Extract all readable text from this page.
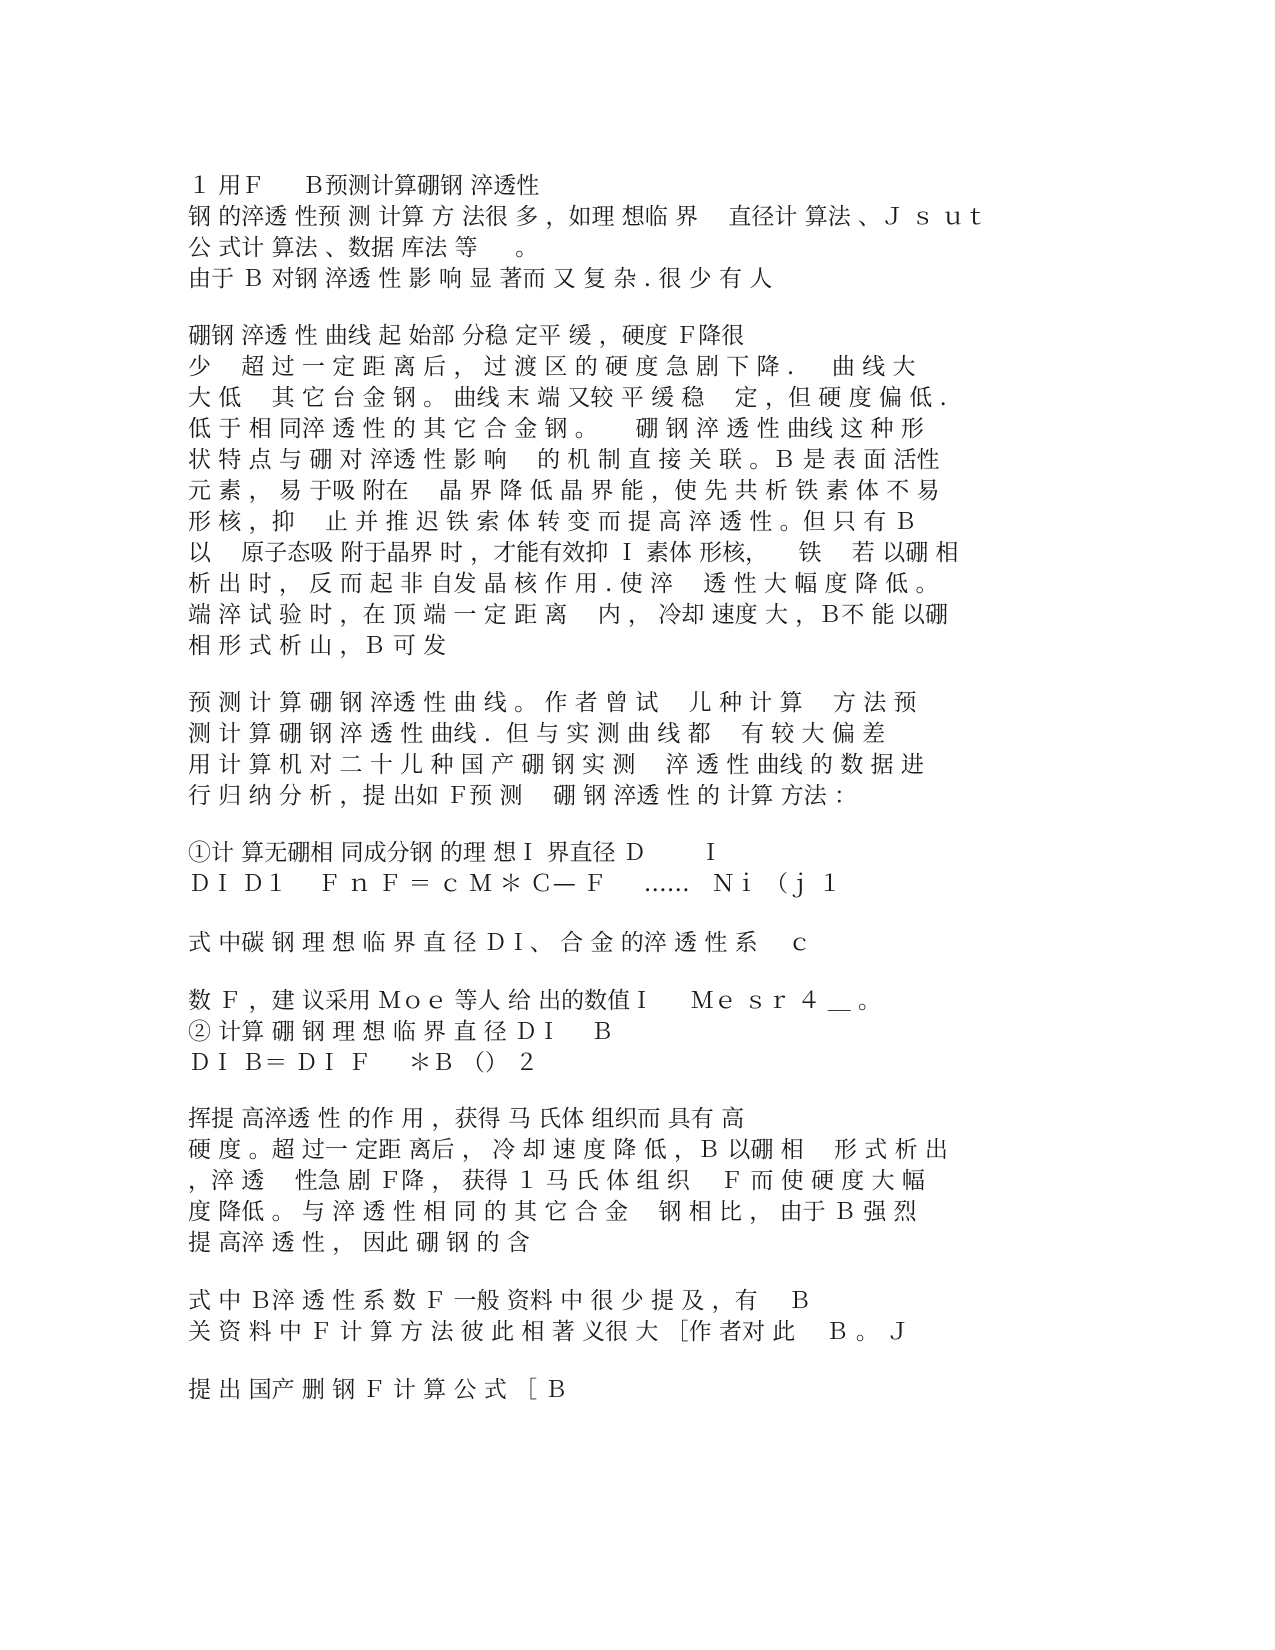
１ 用Ｆ 　 Ｂ预测计算硼钢 淬透性
钢 的淬透 性预 测 计算 方 法很 多 ，如理 想临 界 　直径计 算法 、Ｊ ｓ ｕｔ
公 式计 算法 、数据 库法 等 　 。
由于 Ｂ 对钢 淬透 性 影 响 显 著而 又 复 杂 . 很 少 有 人
硼钢 淬透 性 曲线 起 始部 分稳 定平 缓 ，硬度 Ｆ降很
少 　超 过 一 定 距 离 后 ， 过 渡 区 的 硬 度 急 剧 下 降 . 　 曲 线 大
大 低 　其 它 台 金 钢 。 曲线 末 端 又较 平 缓 稳 　定 ，但 硬 度 偏 低 .
低 于 相 同淬 透 性 的 其 它 合 金 钢 。 　 硼 钢 淬 透 性 曲线 这 种 形
状 特 点 与 硼 对 淬透 性 影 响 　的 机 制 直 接 关 联 。Ｂ 是 表 面 活性
元 素 ， 易 于吸 附在 　晶 界 降 低 晶 界 能 ，使 先 共 析 铁 素 体 不 易
形 核 ，抑 　止 并 推 迟 铁 索 体 转 变 而 提 高 淬 透 性 。但 只 有 Ｂ
以 　原子态吸 附于晶界 时 ，才能有效抑 Ｉ 素体 形核， 　铁 　若 以硼 相
析 出 时 ， 反 而 起 非 自发 晶 核 作 用 . 使 淬 　透 性 大 幅 度 降 低 。
端 淬 试 验 时 ，在 顶 端 一 定 距 离 　内 ， 冷却 速度 大 ，Ｂ不 能 以硼
相 形 式 析 山 ，Ｂ 可 发
预 测 计 算 硼 钢 淬透 性 曲 线 。 作 者 曾 试 　儿 种 计 算 　方 法 预
测 计 算 硼 钢 淬 透 性 曲线 .  但 与 实 测 曲 线 都 　有 较 大 偏 差
用 计 算 机 对 二 十 儿 种 国 产 硼 钢 实 测 　淬 透 性 曲线 的 数 据 进
行 归 纳 分 析 ，提 出如 Ｆ预 测 　硼 钢 淬透 性 的 计算 方法 ：
①计 算无硼相 同成分钢 的理 想Ｉ 界直径 Ｄ 　　Ｉ
ＤＩ Ｄ１ 　Ｆ ｎ Ｆ ＝ ｃ Ｍ ＊ Ｃ— Ｆ 　 ……   Ｎｉ （ｊ １
式 中碳 钢 理 想 临 界 直 径 ＤＩ、 合 金 的淬 透 性 系 　ｃ
数 Ｆ ，建 议采用 Ｍｏｅ 等人 给 出的数值Ｉ 　 Ｍｅ ｓｒ ４ ＿ 。
② 计算 硼 钢 理 想 临 界 直 径 ＤＩ 　Ｂ
ＤＩ Ｂ＝ ＤＩ Ｆ 　 ＊Ｂ （） ２
挥提 高淬透 性 的作 用 ，获得 马 氏体 组织而 具有 高
硬 度 。超 过一 定距 离后 ， 冷 却 速 度 降 低 ，Ｂ 以硼 相 　形 式 析 出
，淬 透 　性急 剧 Ｆ降 ， 获得 １ 马 氏 体 组 织 　Ｆ 而 使 硬 度 大 幅
度 降低 。 与 淬 透 性 相 同 的 其 它 合 金 　钢 相 比 ， 由于 Ｂ 强 烈
提 高淬 透 性 ， 因此 硼 钢 的 含
式 中 Ｂ淬 透 性 系 数 Ｆ 一般 资料 中 很 少 提 及 ，有 　Ｂ
关 资 料 中 Ｆ 计 算 方 法 彼 此 相 著 义很 大 ［作 者对 此 　Ｂ 。 Ｊ
提 出 国产 删 钢 Ｆ 计 算 公 式 ［ Ｂ
